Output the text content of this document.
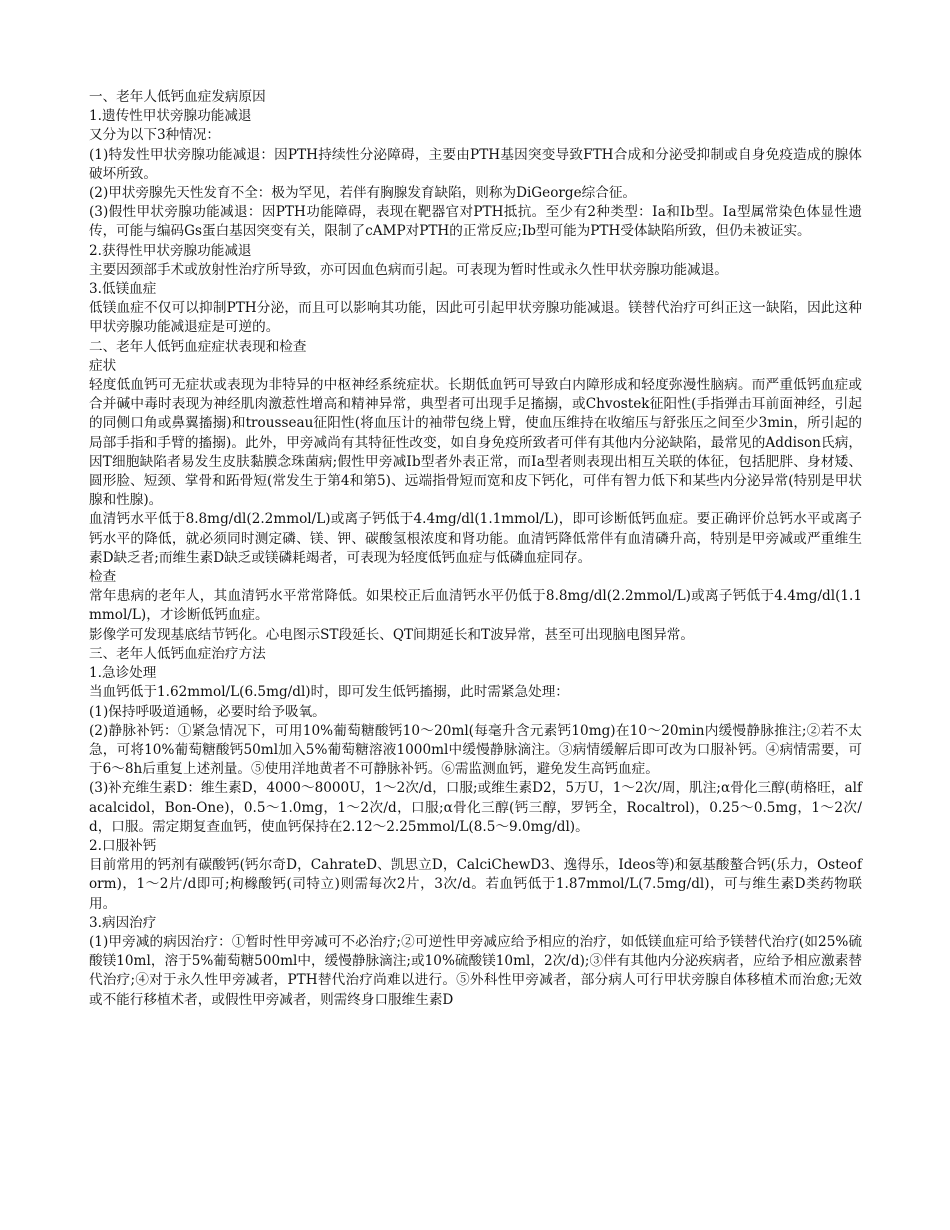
一、老年人低钙血症发病原因

1.遗传性甲状旁腺功能减退

又分为以下3种情况：

(1)特发性甲状旁腺功能减退：因PTH持续性分泌障碍，主要由PTH基因突变导致FTH合成和分泌受抑制或自身免疫造成的腺体破坏所致。

(2)甲状旁腺先天性发育不全：极为罕见，若伴有胸腺发育缺陷，则称为DiGeorge综合征。

(3)假性甲状旁腺功能减退：因PTH功能障碍，表现在靶器官对PTH抵抗。至少有2种类型：Ⅰa和Ⅰb型。Ⅰa型属常染色体显性遗传，可能与编码Gs蛋白基因突变有关，限制了cAMP对PTH的正常反应;Ⅰb型可能为PTH受体缺陷所致，但仍未被证实。

2.获得性甲状旁腺功能减退

主要因颈部手术或放射性治疗所导致，亦可因血色病而引起。可表现为暂时性或永久性甲状旁腺功能减退。

3.低镁血症

低镁血症不仅可以抑制PTH分泌，而且可以影响其功能，因此可引起甲状旁腺功能减退。镁替代治疗可纠正这一缺陷，因此这种甲状旁腺功能减退症是可逆的。

二、老年人低钙血症症状表现和检查

症状

轻度低血钙可无症状或表现为非特异的中枢神经系统症状。长期低血钙可导致白内障形成和轻度弥漫性脑病。而严重低钙血症或合并碱中毒时表现为神经肌肉激惹性增高和精神异常，典型者可出现手足搐搦，或Chvostek征阳性(手指弹击耳前面神经，引起的同侧口角或鼻翼搐搦)和trousseau征阳性(将血压计的袖带包绕上臂，使血压维持在收缩压与舒张压之间至少3min，所引起的局部手指和手臂的搐搦)。此外，甲旁减尚有其特征性改变，如自身免疫所致者可伴有其他内分泌缺陷，最常见的Addison氏病，因T细胞缺陷者易发生皮肤黏膜念珠菌病;假性甲旁减Ⅰb型者外表正常，而Ⅰa型者则表现出相互关联的体征，包括肥胖、身材矮、圆形脸、短颈、掌骨和跖骨短(常发生于第4和第5)、远端指骨短而宽和皮下钙化，可伴有智力低下和某些内分泌异常(特别是甲状腺和性腺)。

血清钙水平低于8.8mg/dl(2.2mmol/L)或离子钙低于4.4mg/dl(1.1mmol/L)，即可诊断低钙血症。要正确评价总钙水平或离子钙水平的降低，就必须同时测定磷、镁、钾、碳酸氢根浓度和肾功能。血清钙降低常伴有血清磷升高，特别是甲旁减或严重维生素D缺乏者;而维生素D缺乏或镁磷耗竭者，可表现为轻度低钙血症与低磷血症同存。

检查

常年患病的老年人，其血清钙水平常常降低。如果校正后血清钙水平仍低于8.8mg/dl(2.2mmol/L)或离子钙低于4.4mg/dl(1.1mmol/L)，才诊断低钙血症。

影像学可发现基底结节钙化。心电图示ST段延长、QT间期延长和T波异常，甚至可出现脑电图异常。

三、老年人低钙血症治疗方法

1.急诊处理

当血钙低于1.62mmol/L(6.5mg/dl)时，即可发生低钙搐搦，此时需紧急处理：

(1)保持呼吸道通畅，必要时给予吸氧。

(2)静脉补钙：①紧急情况下，可用10%葡萄糖酸钙10～20ml(每毫升含元素钙10mg)在10～20min内缓慢静脉推注;②若不太急，可将10%葡萄糖酸钙50ml加入5%葡萄糖溶液1000ml中缓慢静脉滴注。③病情缓解后即可改为口服补钙。④病情需要，可于6～8h后重复上述剂量。⑤使用洋地黄者不可静脉补钙。⑥需监测血钙，避免发生高钙血症。

(3)补充维生素D：维生素D，4000～8000U，1～2次/d，口服;或维生素D2，5万U，1～2次/周，肌注;α骨化三醇(萌格旺，alfacalcidol，Bon-One)，0.5～1.0mg，1～2次/d，口服;α骨化三醇(钙三醇，罗钙全，Rocaltrol)，0.25～0.5mg，1～2次/d，口服。需定期复查血钙，使血钙保持在2.12～2.25mmol/L(8.5～9.0mg/dl)。

2.口服补钙

目前常用的钙剂有碳酸钙(钙尔奇D，CahrateD、凯思立D，CalciChewD3、逸得乐，Ideos等)和氨基酸螯合钙(乐力，Osteoform)，1～2片/d即可;枸橼酸钙(司特立)则需每次2片，3次/d。若血钙低于1.87mmol/L(7.5mg/dl)，可与维生素D类药物联用。

3.病因治疗

(1)甲旁减的病因治疗：①暂时性甲旁减可不必治疗;②可逆性甲旁减应给予相应的治疗，如低镁血症可给予镁替代治疗(如25%硫酸镁10ml，溶于5%葡萄糖500ml中，缓慢静脉滴注;或10%硫酸镁10ml，2次/d);③伴有其他内分泌疾病者，应给予相应激素替代治疗;④对于永久性甲旁减者，PTH替代治疗尚难以进行。⑤外科性甲旁减者，部分病人可行甲状旁腺自体移植术而治愈;无效或不能行移植术者，或假性甲旁减者，则需终身口服维生素D
